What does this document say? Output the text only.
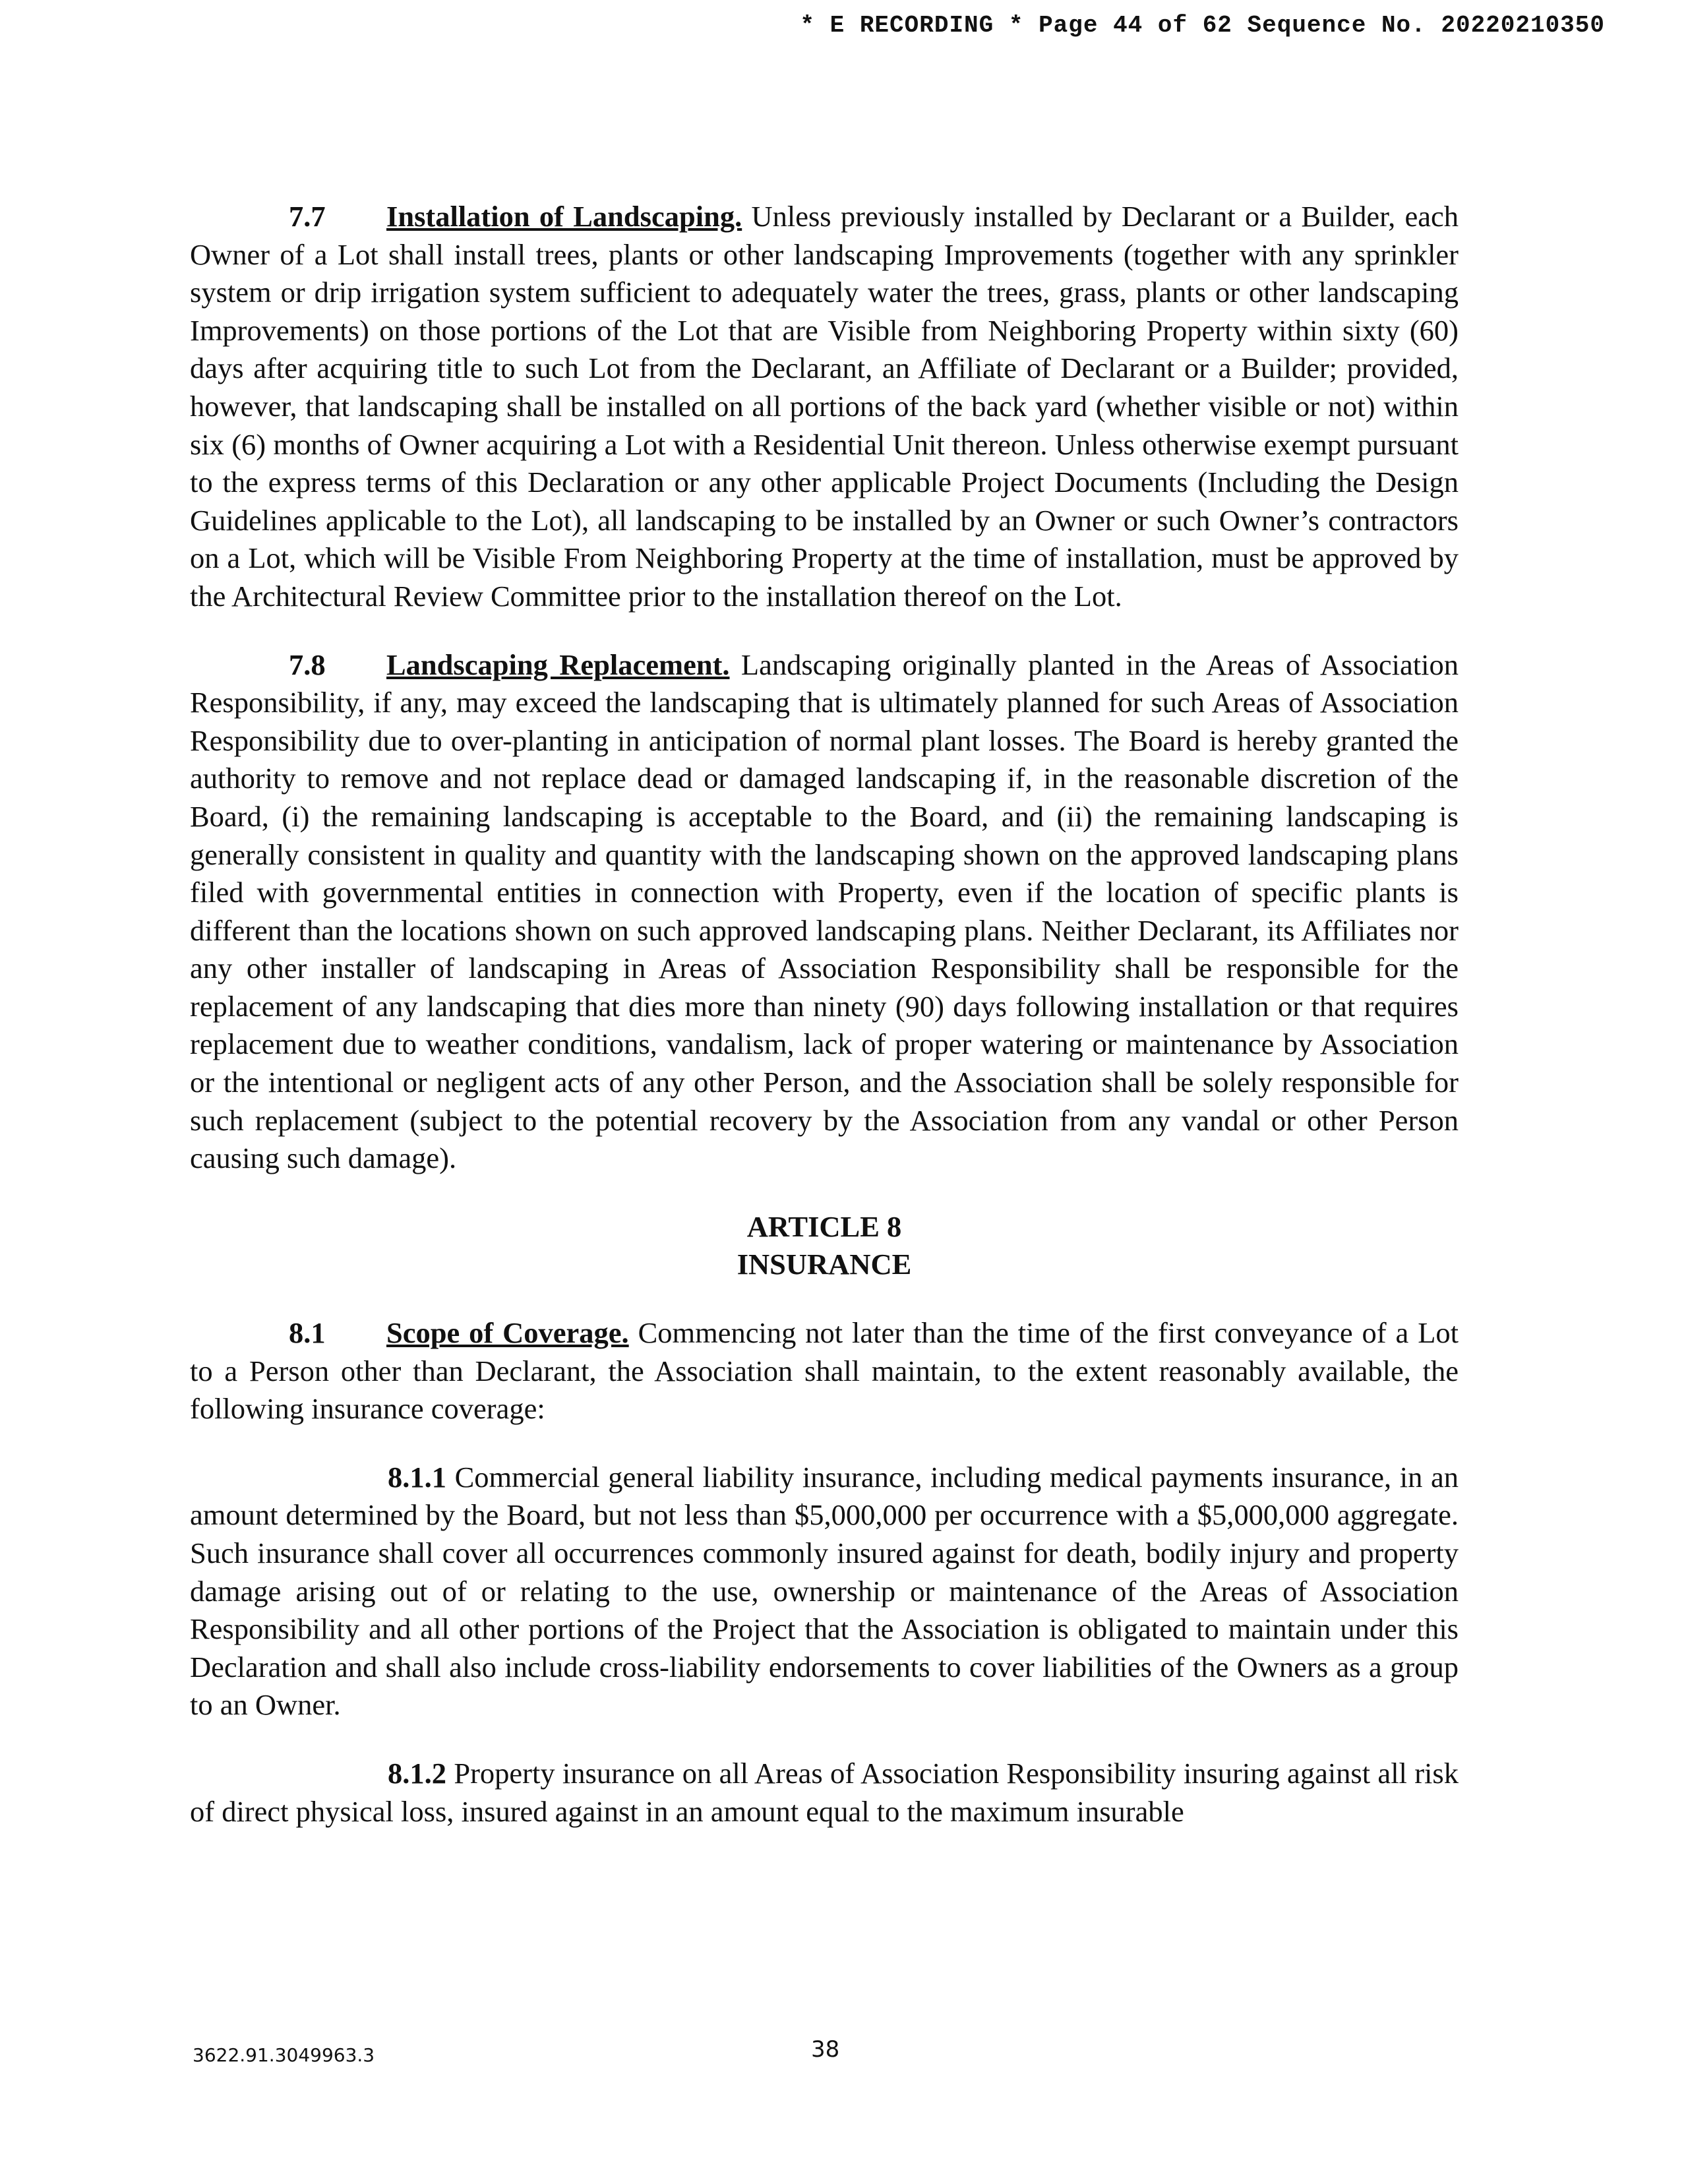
* E RECORDING * Page 44 of 62 Sequence No. 20220210350

7.7 Installation of Landscaping. Unless previously installed by Declarant or a Builder, each Owner of a Lot shall install trees, plants or other landscaping Improvements (together with any sprinkler system or drip irrigation system sufficient to adequately water the trees, grass, plants or other landscaping Improvements) on those portions of the Lot that are Visible from Neighboring Property within sixty (60) days after acquiring title to such Lot from the Declarant, an Affiliate of Declarant or a Builder; provided, however, that landscaping shall be installed on all portions of the back yard (whether visible or not) within six (6) months of Owner acquiring a Lot with a Residential Unit thereon. Unless otherwise exempt pursuant to the express terms of this Declaration or any other applicable Project Documents (Including the Design Guidelines applicable to the Lot), all landscaping to be installed by an Owner or such Owner’s contractors on a Lot, which will be Visible From Neighboring Property at the time of installation, must be approved by the Architectural Review Committee prior to the installation thereof on the Lot.

7.8 Landscaping Replacement. Landscaping originally planted in the Areas of Association Responsibility, if any, may exceed the landscaping that is ultimately planned for such Areas of Association Responsibility due to over-planting in anticipation of normal plant losses. The Board is hereby granted the authority to remove and not replace dead or damaged landscaping if, in the reasonable discretion of the Board, (i) the remaining landscaping is acceptable to the Board, and (ii) the remaining landscaping is generally consistent in quality and quantity with the landscaping shown on the approved landscaping plans filed with governmental entities in connection with Property, even if the location of specific plants is different than the locations shown on such approved landscaping plans. Neither Declarant, its Affiliates nor any other installer of landscaping in Areas of Association Responsibility shall be responsible for the replacement of any landscaping that dies more than ninety (90) days following installation or that requires replacement due to weather conditions, vandalism, lack of proper watering or maintenance by Association or the intentional or negligent acts of any other Person, and the Association shall be solely responsible for such replacement (subject to the potential recovery by the Association from any vandal or other Person causing such damage).

ARTICLE 8
INSURANCE

8.1 Scope of Coverage. Commencing not later than the time of the first conveyance of a Lot to a Person other than Declarant, the Association shall maintain, to the extent reasonably available, the following insurance coverage:

8.1.1 Commercial general liability insurance, including medical payments insurance, in an amount determined by the Board, but not less than $5,000,000 per occurrence with a $5,000,000 aggregate. Such insurance shall cover all occurrences commonly insured against for death, bodily injury and property damage arising out of or relating to the use, ownership or maintenance of the Areas of Association Responsibility and all other portions of the Project that the Association is obligated to maintain under this Declaration and shall also include cross-liability endorsements to cover liabilities of the Owners as a group to an Owner.

8.1.2 Property insurance on all Areas of Association Responsibility insuring against all risk of direct physical loss, insured against in an amount equal to the maximum insurable

3622.91.3049963.3	38
